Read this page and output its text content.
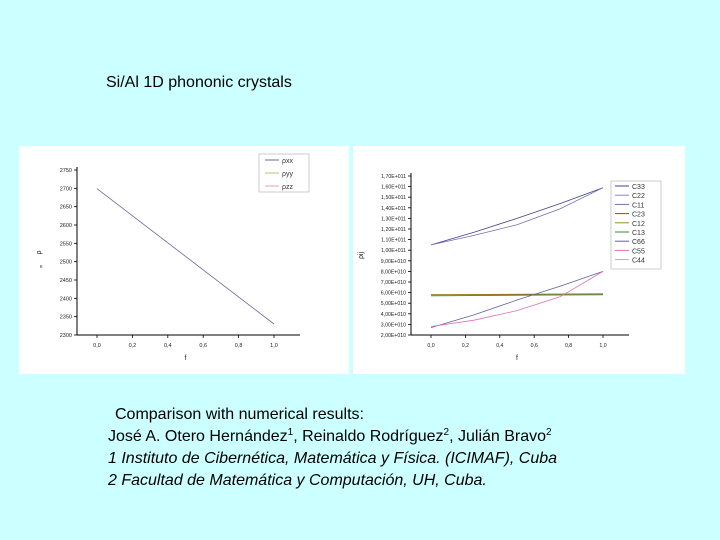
Si/Al 1D phononic crystals
2300
2350
2400
2450
2500
2550
2600
2650
2700
2750
0,0	0,2	0,4	0,6	0,8	1,0
f
ρ
ρxx
ρyy
ρzz
κ
2,00E+010
3,00E+010
4,00E+010
5,00E+010
6,00E+010
7,00E+010
8,00E+010
9,00E+010
1,00E+011
1,10E+011
1,20E+011
1,30E+011
1,40E+011
1,50E+011
1,60E+011
1,70E+011
0,0	0,2	0,4	0,6	0,8	1,0
f
ρij
C33
C22
C11
C23
C12
C13
C66
C55
C44
Comparison with numerical results:
José A. Otero Hernández$^1$, Reinaldo Rodríguez$^2$, Julián Bravo$^2$
1 Instituto de Cibernética, Matemática y Física. (ICIMAF), Cuba
2 Facultad de Matemática y Computación, UH, Cuba.
